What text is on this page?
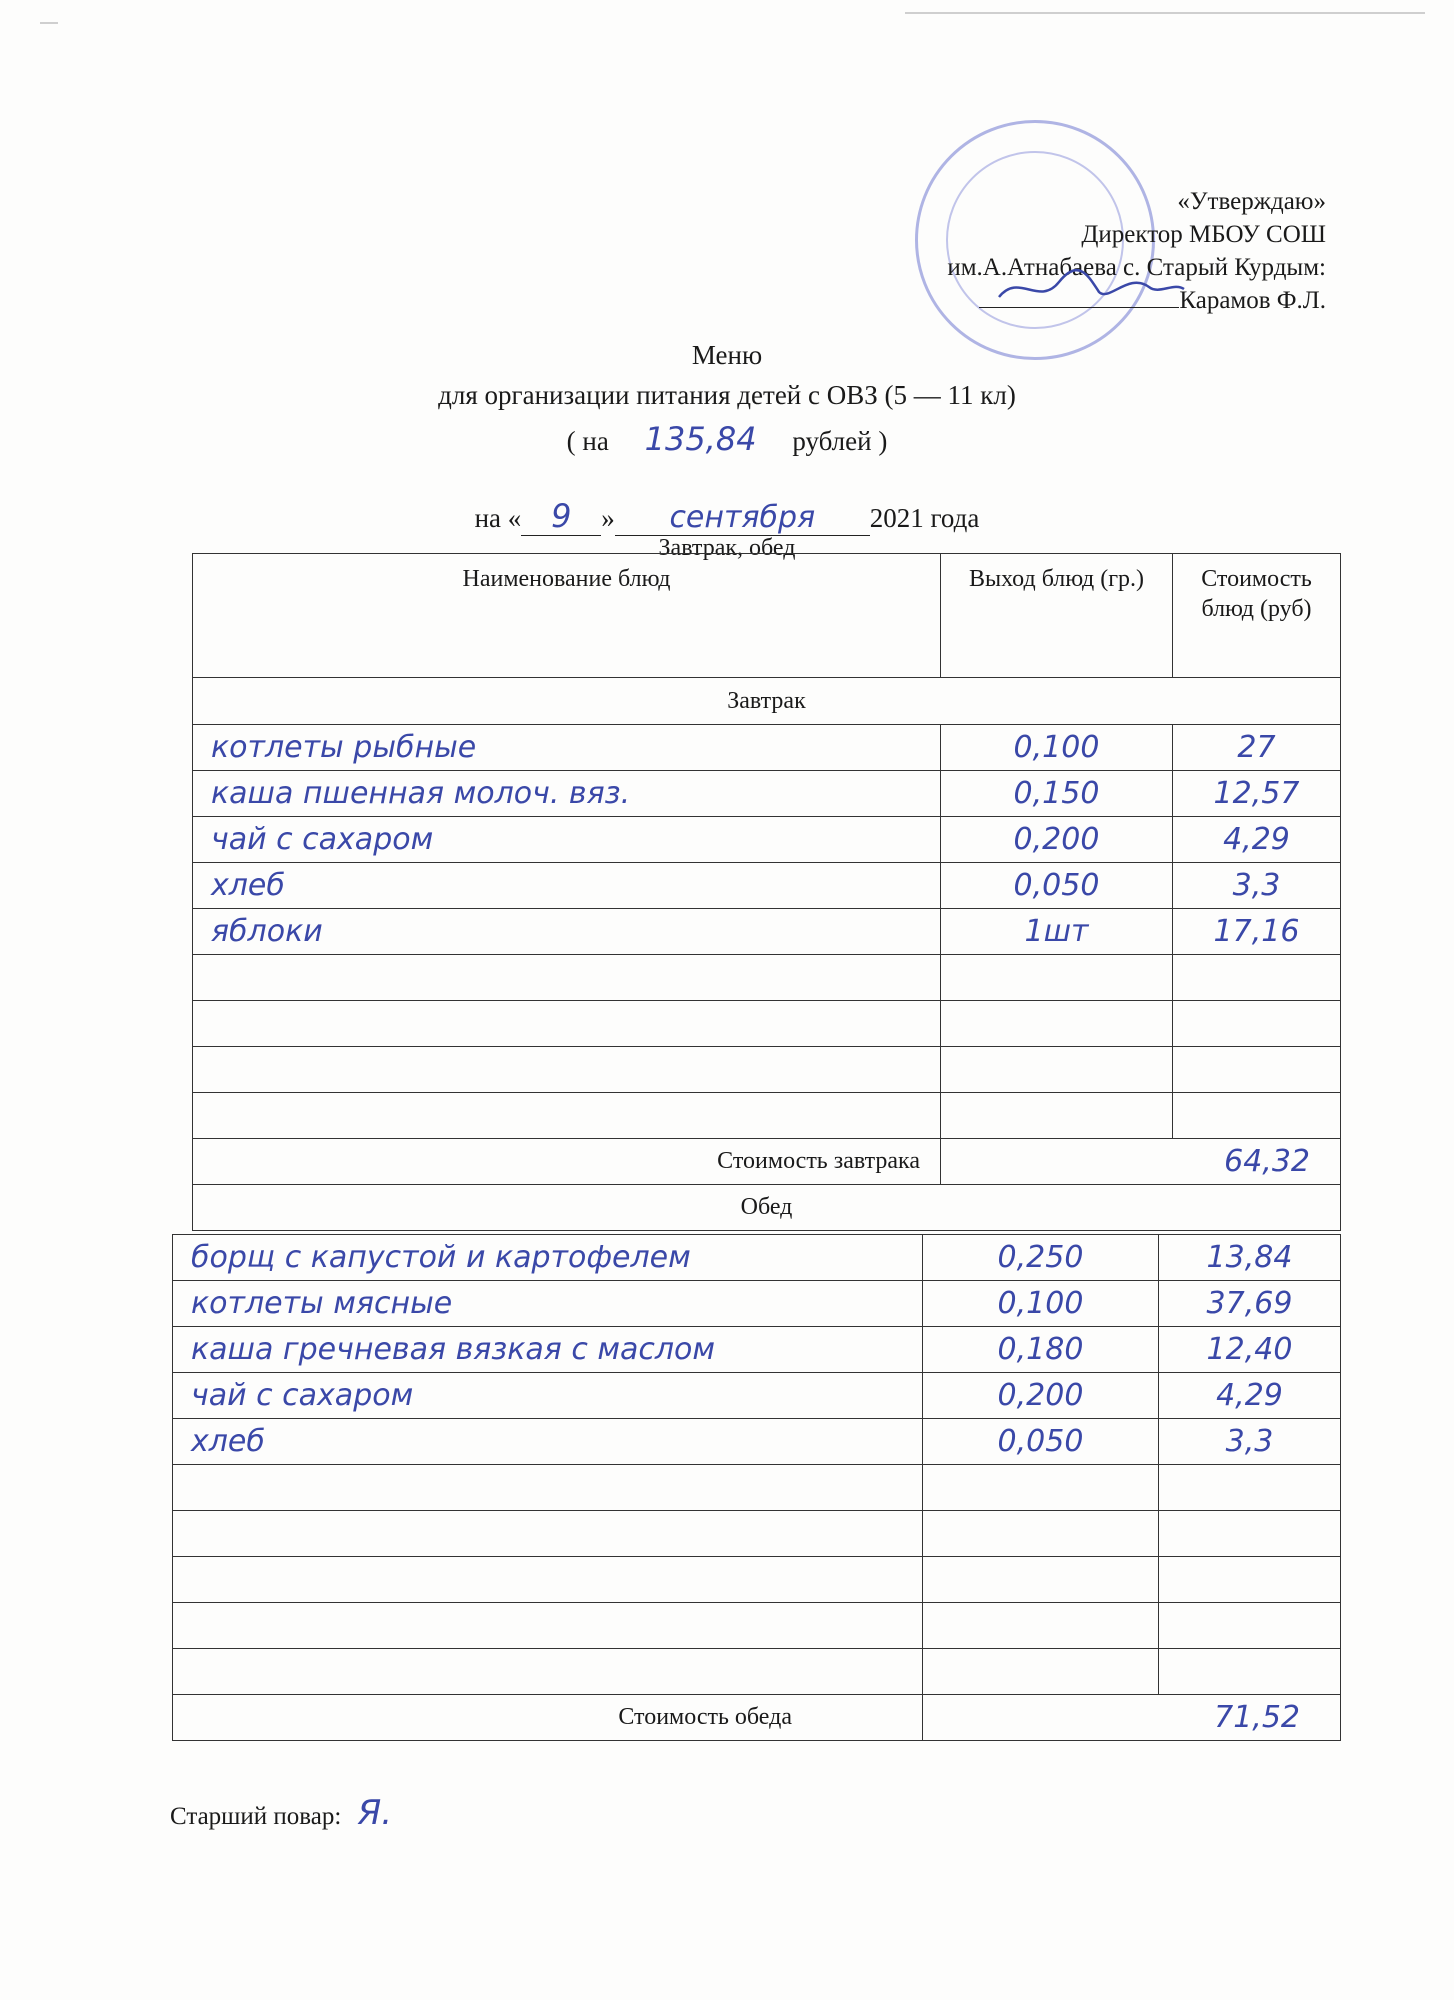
«Утверждаю»
Директор МБОУ СОШ
им.А.Атнабаева с. Старый Курдым:
Карамов Ф.Л.
Меню
для организации питания детей с ОВЗ (5 — 11 кл)
( на 135,84 рублей )
на « 9 » сентября 2021 года
Завтрак, обед
Наименование блюд	Выход блюд (гр.)	Стоимость блюд (руб)
Завтрак		
котлеты рыбные	0,100	27
каша пшенная молоч. вяз.	0,150	12,57
чай с сахаром	0,200	4,29
хлеб	0,050	3,3
яблоки	1шт	17,16

Стоимость завтрака	64,32	
Обед		
борщ с капустой и картофелем	0,250	13,84
котлеты мясные	0,100	37,69
каша гречневая вязкая с маслом	0,180	12,40
чай с сахаром	0,200	4,29
хлеб	0,050	3,3

Стоимость обеда	71,52	
Старший повар: Я.
